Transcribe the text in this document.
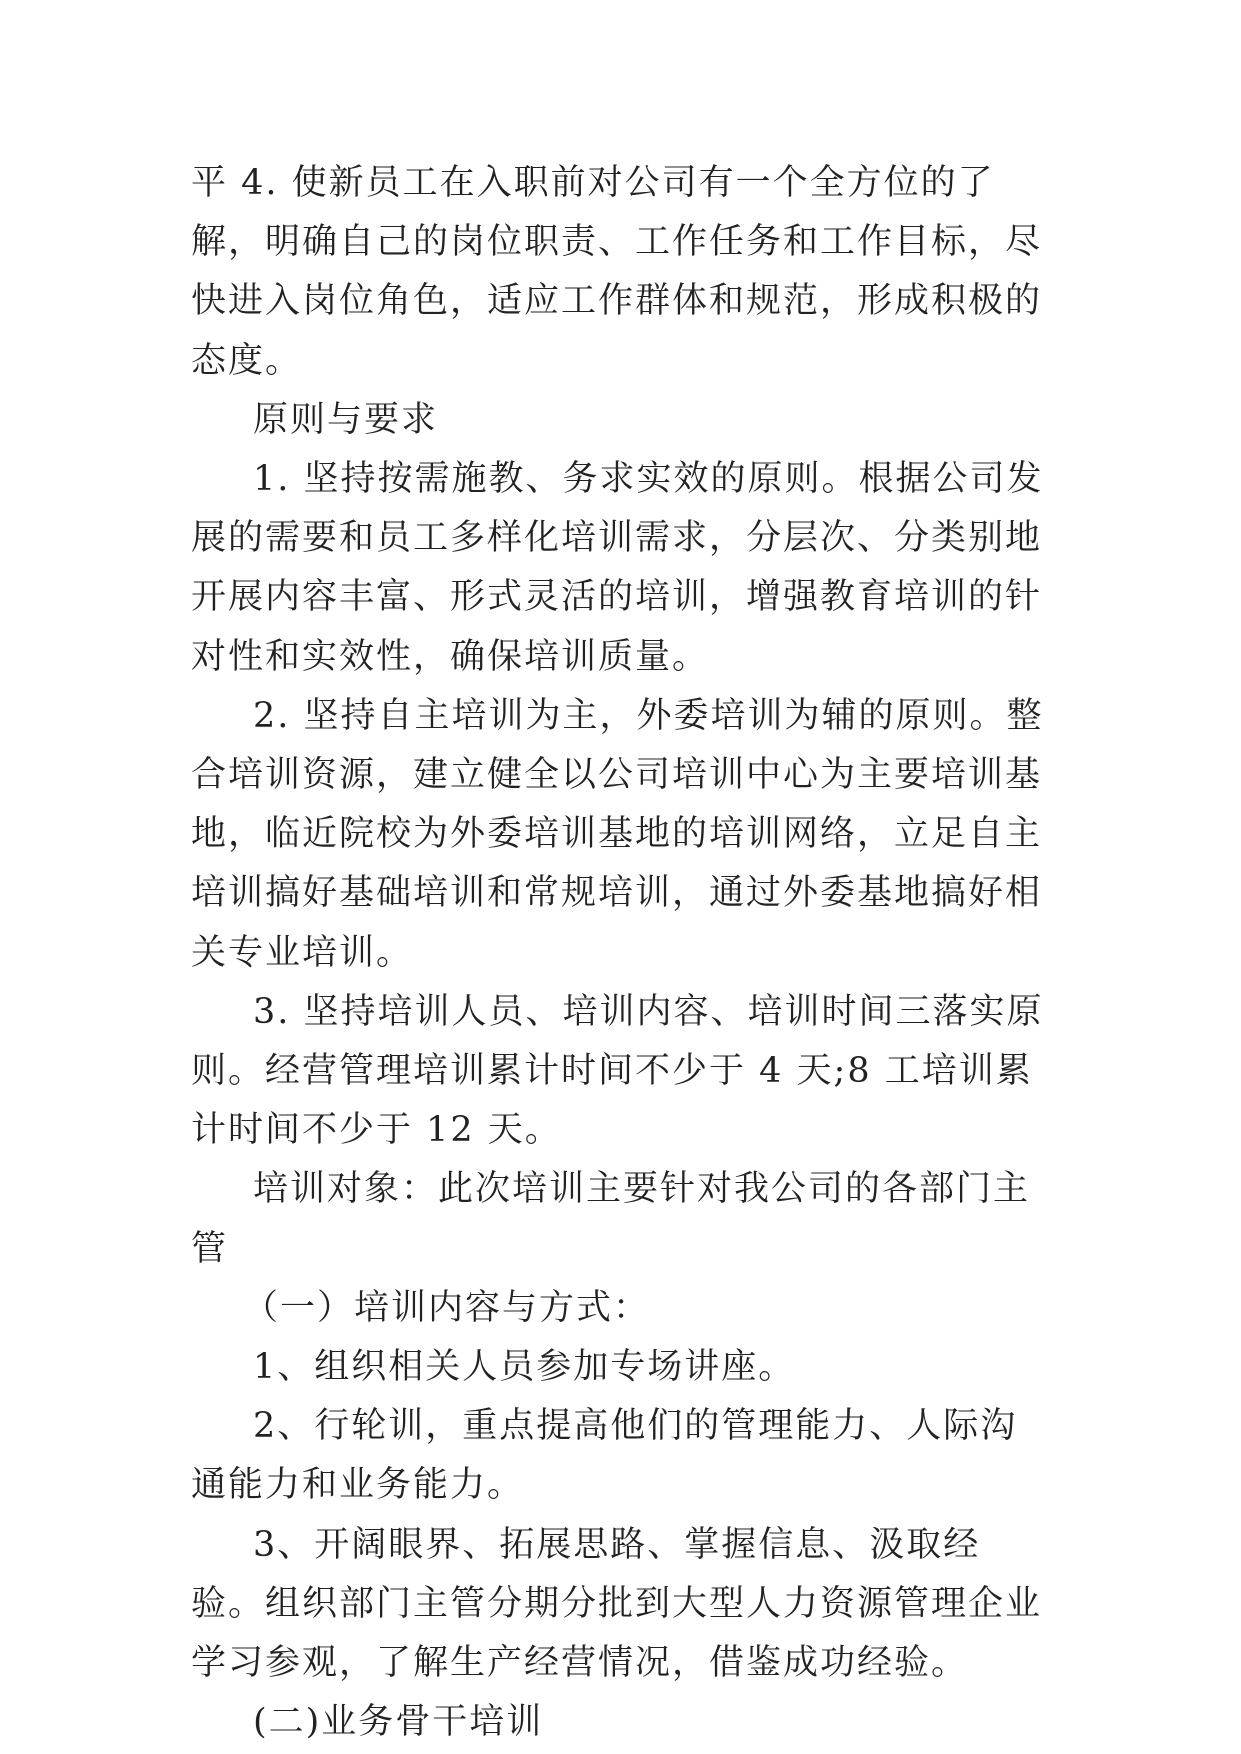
平 4. 使新员工在入职前对公司有一个全方位的了解，明确自己的岗位职责、工作任务和工作目标，尽快进入岗位角色，适应工作群体和规范，形成积极的态度。

原则与要求

1. 坚持按需施教、务求实效的原则。根据公司发展的需要和员工多样化培训需求，分层次、分类别地开展内容丰富、形式灵活的培训，增强教育培训的针对性和实效性，确保培训质量。

2. 坚持自主培训为主，外委培训为辅的原则。整合培训资源，建立健全以公司培训中心为主要培训基地，临近院校为外委培训基地的培训网络，立足自主培训搞好基础培训和常规培训，通过外委基地搞好相关专业培训。

3. 坚持培训人员、培训内容、培训时间三落实原则。经营管理培训累计时间不少于 4 天;8 工培训累计时间不少于 12 天。

培训对象：此次培训主要针对我公司的各部门主管

（一）培训内容与方式：

1、组织相关人员参加专场讲座。

2、行轮训，重点提高他们的管理能力、人际沟通能力和业务能力。

3、开阔眼界、拓展思路、掌握信息、汲取经验。组织部门主管分期分批到大型人力资源管理企业学习参观，了解生产经营情况，借鉴成功经验。

(二)业务骨干培训
